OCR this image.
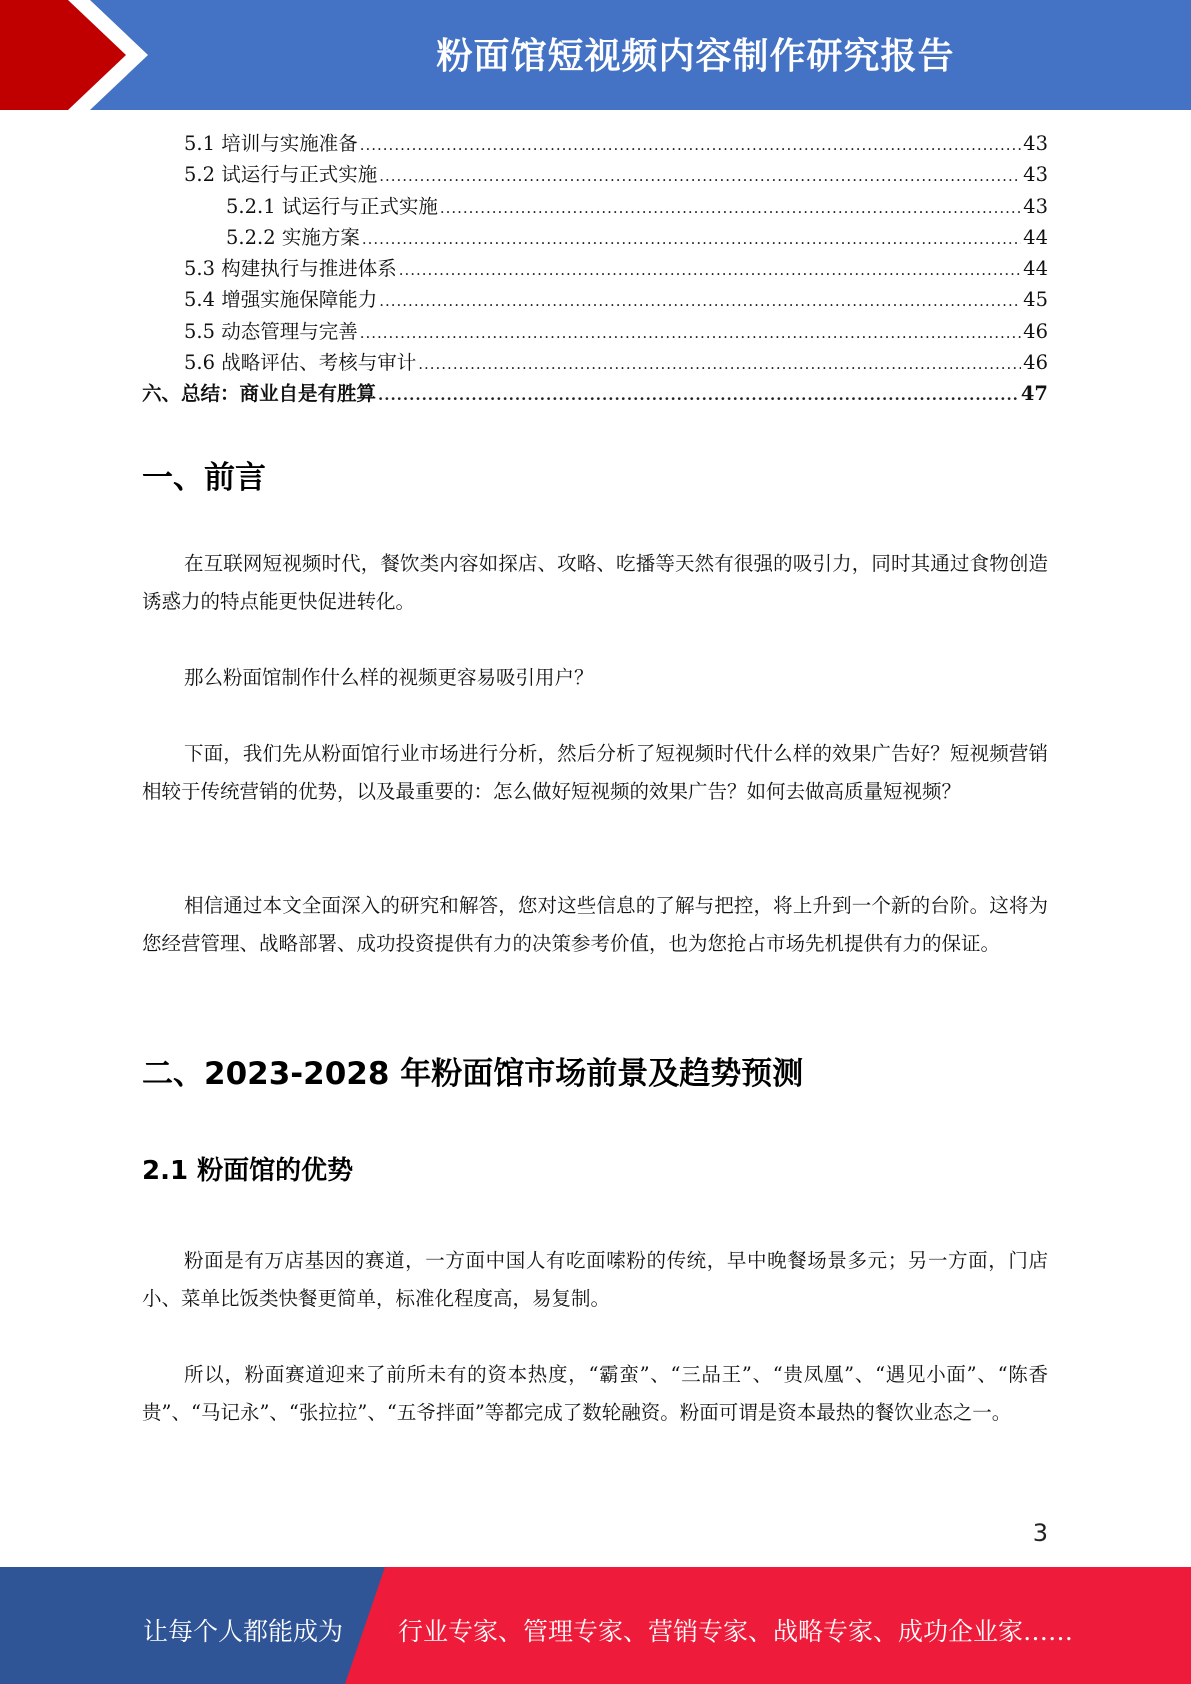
粉面馆短视频内容制作研究报告
5.1 培训与实施准备 .....	43
5.2 试运行与正式实施 .....	43
5.2.1 试运行与正式实施 .....	43
5.2.2 实施方案 .....	44
5.3 构建执行与推进体系 .....	44
5.4 增强实施保障能力 .....	45
5.5 动态管理与完善 .....	46
5.6 战略评估、考核与审计 .....	46
六、总结：商业自是有胜算 .....	47
一、前言

在互联网短视频时代，餐饮类内容如探店、攻略、吃播等天然有很强的吸引力，同时其通过食物创造诱惑力的特点能更快促进转化。

那么粉面馆制作什么样的视频更容易吸引用户？

下面，我们先从粉面馆行业市场进行分析，然后分析了短视频时代什么样的效果广告好？短视频营销相较于传统营销的优势，以及最重要的：怎么做好短视频的效果广告？如何去做高质量短视频？

相信通过本文全面深入的研究和解答，您对这些信息的了解与把控，将上升到一个新的台阶。这将为您经营管理、战略部署、成功投资提供有力的决策参考价值，也为您抢占市场先机提供有力的保证。

二、2023-2028 年粉面馆市场前景及趋势预测
2.1 粉面馆的优势

粉面是有万店基因的赛道，一方面中国人有吃面嗦粉的传统，早中晚餐场景多元；另一方面，门店小、菜单比饭类快餐更简单，标准化程度高，易复制。

所以，粉面赛道迎来了前所未有的资本热度，“霸蛮”、“三品王”、“贵凤凰”、“遇见小面”、“陈香贵”、“马记永”、“张拉拉”、“五爷拌面”等都完成了数轮融资。粉面可谓是资本最热的餐饮业态之一。

3
让每个人都能成为 行业专家、管理专家、营销专家、战略专家、成功企业家……
